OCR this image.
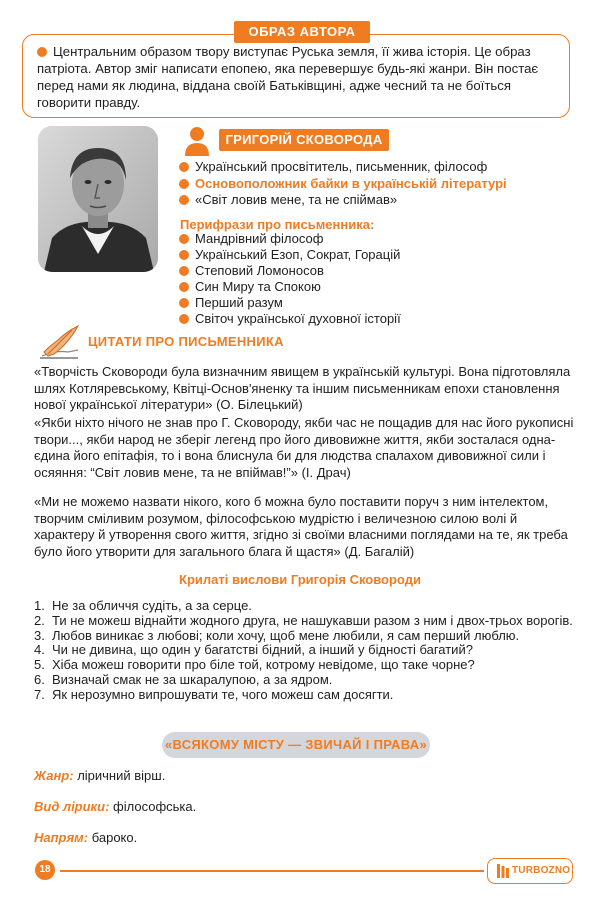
ОБРАЗ АВТОРА
Центральним образом твору виступає Руська земля, її жива історія. Це образ патріота. Автор зміг написати епопею, яка перевершує будь-які жанри. Він постає перед нами як людина, віддана своїй Батьківщині, адже чесний та не боїться говорити правду.
ГРИГОРІЙ СКОВОРОДА
Український просвітитель, письменник, філософ
Основоположник байки в українській літературі
«Світ ловив мене, та не спіймав»
Перифрази про письменника:
Мандрівний філософ
Український Езоп, Сократ, Горацій
Степовий Ломоносов
Син Миру та Спокою
Перший разум
Світоч української духовної історії
ЦИТАТИ ПРО ПИСЬМЕННИКА

«Творчість Сковороди була визначним явищем в українській культурі. Вона підготовляла шлях Котляревському, Квітці-Основ'яненку та іншим письменникам епохи становлення нової української літератури» (О. Білецький)

«Якби ніхто нічого не знав про Г. Сковороду, якби час не пощадив для нас його рукописні твори..., якби народ не зберіг легенд про його дивовижне життя, якби зосталася одна- єдина його епітафія, то і вона блиснула би для людства спалахом дивовижної сили і осяяння: “Світ ловив мене, та не впіймав!”» (І. Драч)

«Ми не можемо назвати нікого, кого б можна було поставити поруч з ним інтелектом, творчим сміливим розумом, філософською мудрістю і величезною силою волі й характеру й утворення свого життя, згідно зі своїми власними поглядами на те, як треба було його утворити для загального блага й щастя» (Д. Багалій)

Крилаті вислови Григорія Сковороди
1. Не за обличчя судіть, а за серце.
2. Ти не можеш віднайти жодного друга, не нашукавши разом з ним і двох-трьох ворогів.
3. Любов виникає з любові; коли хочу, щоб мене любили, я сам перший люблю.
4. Чи не дивина, що один у багатстві бідний, а інший у бідності багатий?
5. Хіба можеш говорити про біле той, котрому невідоме, що таке чорне?
6. Визначай смак не за шкаралупою, а за ядром.
7. Як нерозумно випрошувати те, чого можеш сам досягти.
«ВСЯКОМУ МІСТУ — ЗВИЧАЙ І ПРАВА»
Жанр: ліричний вірш.
Вид лірики: філософська.
Напрям: бароко.
18	TURBOZNO
